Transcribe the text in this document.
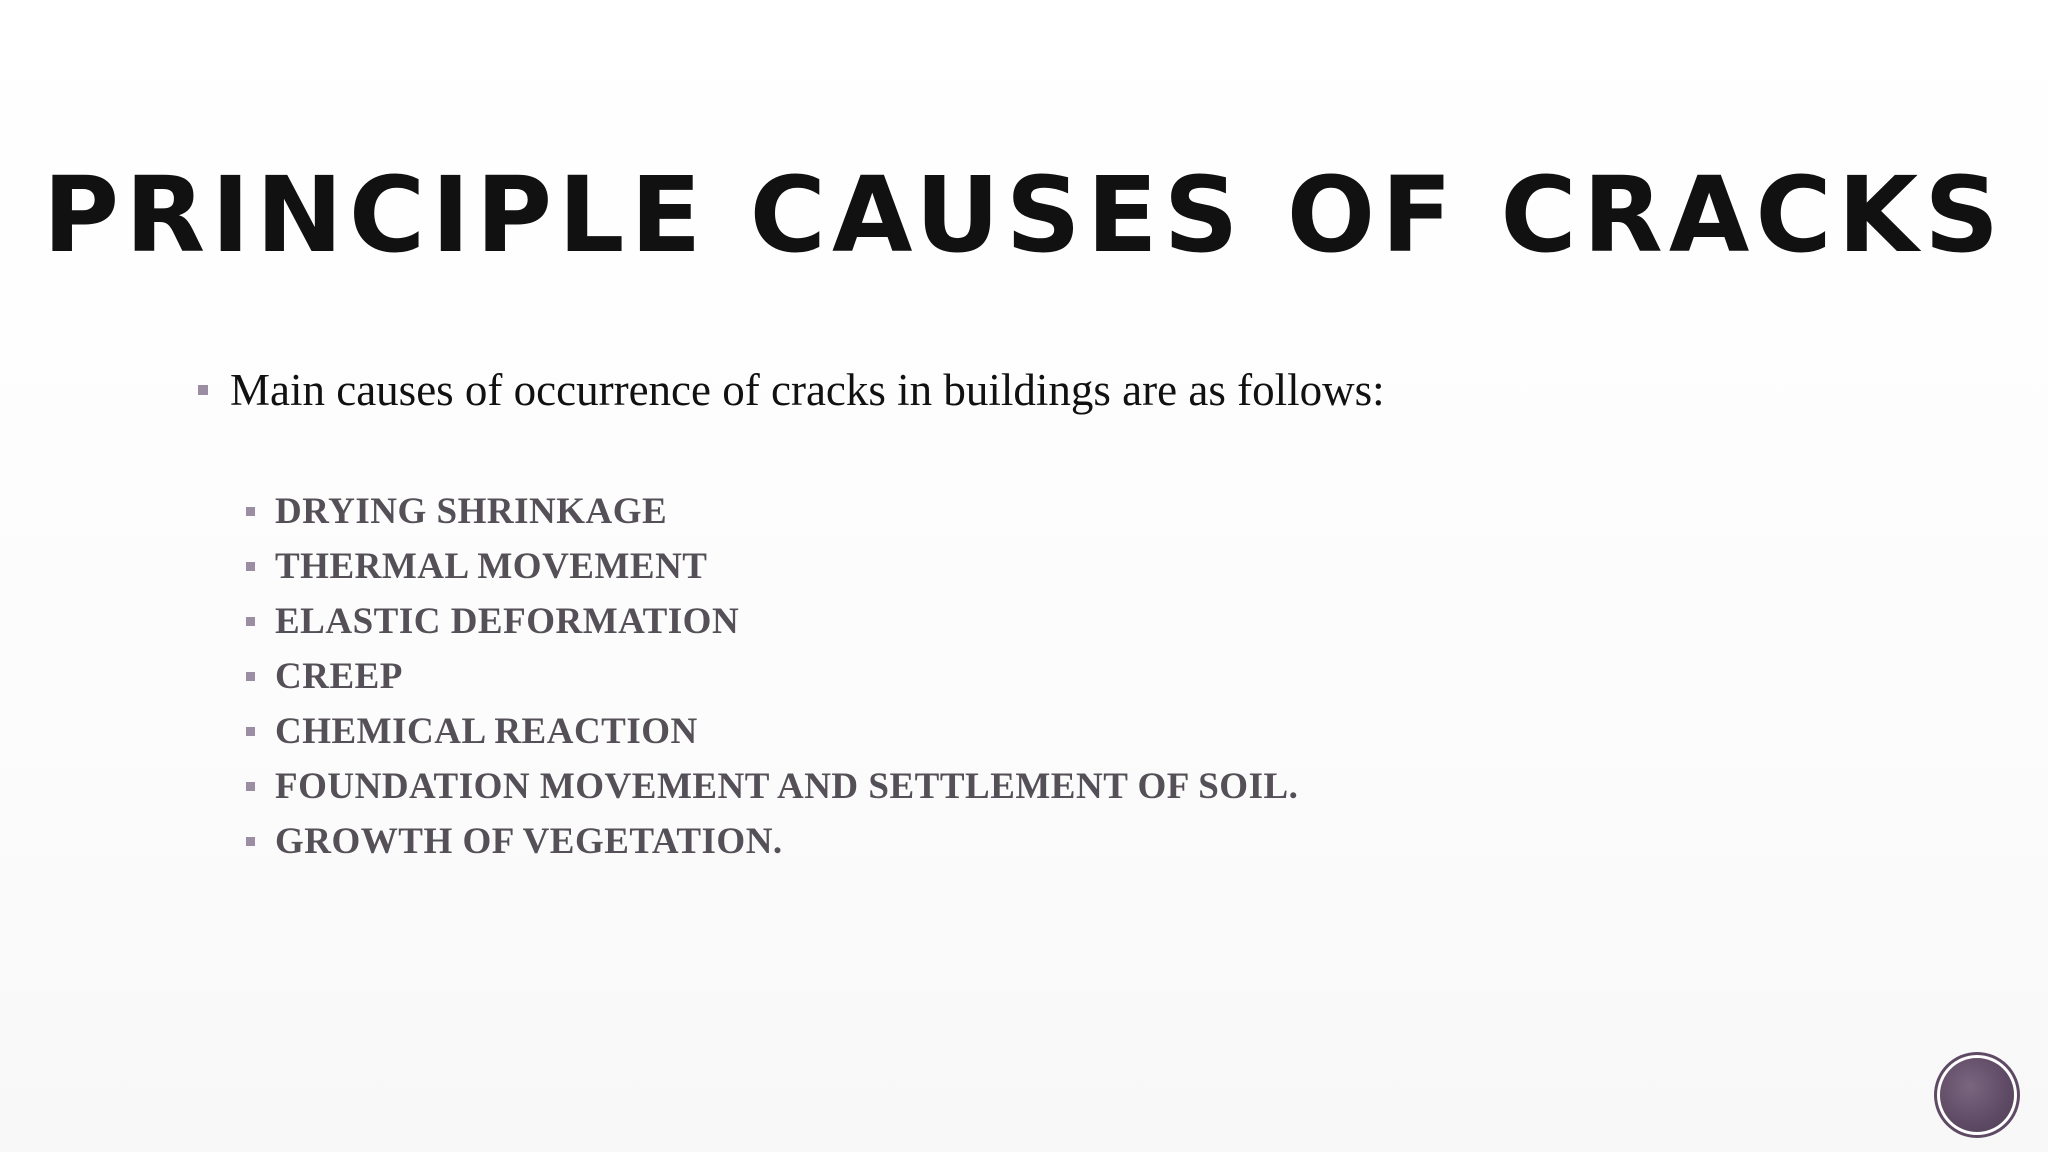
PRINCIPLE CAUSES OF CRACKS
Main causes of occurrence of cracks in buildings are as follows:
DRYING SHRINKAGE
THERMAL MOVEMENT
ELASTIC DEFORMATION
CREEP
CHEMICAL REACTION
FOUNDATION MOVEMENT AND SETTLEMENT OF SOIL.
GROWTH OF VEGETATION.
